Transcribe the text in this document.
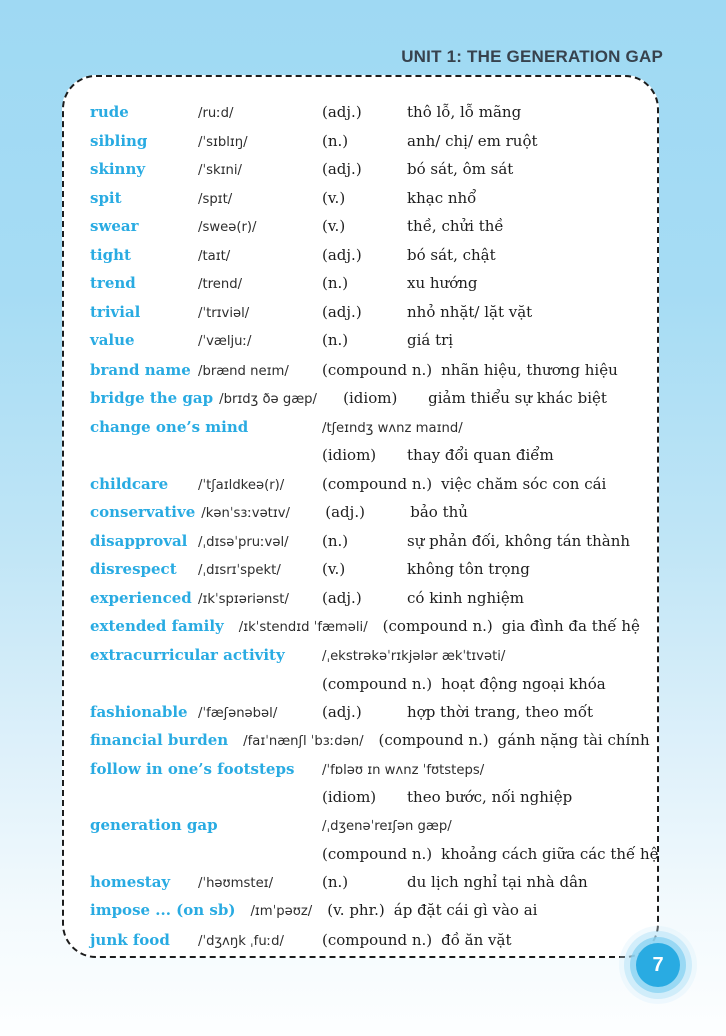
UNIT 1: THE GENERATION GAP
rude	/ruːd/	(adj.)	thô lỗ, lỗ mãng
sibling	/ˈsɪblɪŋ/	(n.)	anh/ chị/ em ruột
skinny	/ˈskɪni/	(adj.)	bó sát, ôm sát
spit	/spɪt/	(v.)	khạc nhổ
swear	/sweə(r)/	(v.)	thề, chửi thề
tight	/taɪt/	(adj.)	bó sát, chật
trend	/trend/	(n.)	xu hướng
trivial	/ˈtrɪviəl/	(adj.)	nhỏ nhặt/ lặt vặt
value	/ˈvæljuː/	(n.)	giá trị
brand name /brænd neɪm/	(compound n.) nhãn hiệu, thương hiệu
bridge the gap /brɪdʒ ðə gæp/	(idiom)	giảm thiểu sự khác biệt
change one’s mind	/tʃeɪndʒ wʌnz maɪnd/
(idiom)	thay đổi quan điểm
childcare	/ˈtʃaɪldkeə(r)/	(compound n.) việc chăm sóc con cái
conservative /kənˈsɜːvətɪv/	(adj.)	bảo thủ
disapproval /ˌdɪsəˈpruːvəl/	(n.)	sự phản đối, không tán thành
disrespect	/ˌdɪsrɪˈspekt/	(v.)	không tôn trọng
experienced /ɪkˈspɪəriənst/	(adj.)	có kinh nghiệm
extended family	/ɪkˈstendɪd ˈfæməli/	(compound n.) gia đình đa thế hệ
extracurricular activity	/ˌekstrəkəˈrɪkjələr ækˈtɪvəti/
(compound n.) hoạt động ngoại khóa
fashionable /ˈfæʃənəbəl/	(adj.)	hợp thời trang, theo mốt
financial burden	/faɪˈnænʃl ˈbɜːdən/	(compound n.) gánh nặng tài chính
follow in one’s footsteps	/ˈfɒləʊ ɪn wʌnz ˈfʊtsteps/
(idiom)	theo bước, nối nghiệp
generation gap	/ˌdʒenəˈreɪʃən gæp/
(compound n.) khoảng cách giữa các thế hệ
homestay	/ˈhəʊmsteɪ/	(n.)	du lịch nghỉ tại nhà dân
impose ... (on sb)	/ɪmˈpəʊz/	(v. phr.) áp đặt cái gì vào ai
junk food	/ˈdʒʌŋk ˌfuːd/	(compound n.) đồ ăn vặt
7
